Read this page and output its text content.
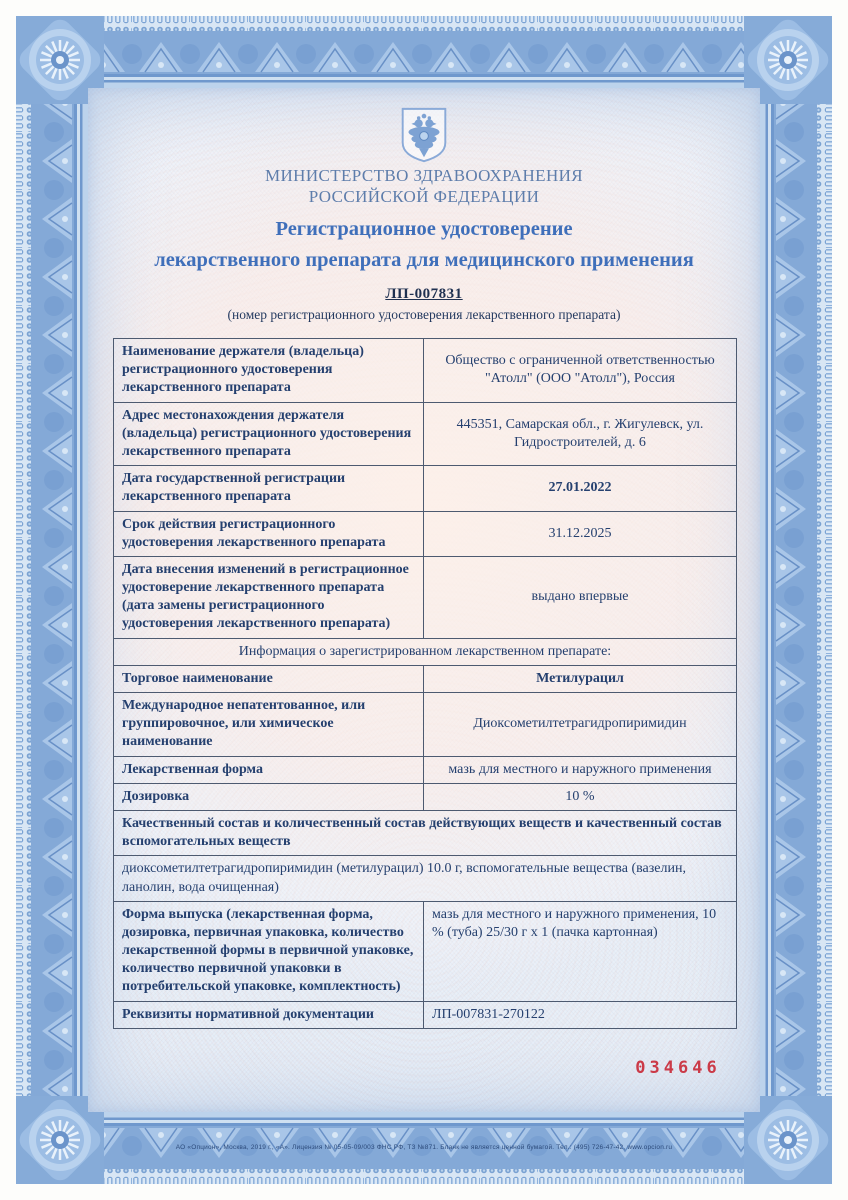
МИНИСТЕРСТВО ЗДРАВООХРАНЕНИЯ
РОССИЙСКОЙ ФЕДЕРАЦИИ
Регистрационное удостоверение
лекарственного препарата для медицинского применения
ЛП-007831
(номер регистрационного удостоверения лекарственного препарата)
Наименование держателя (владельца) регистрационного удостоверения лекарственного препарата	Общество с ограниченной ответственностью "Атолл" (ООО "Атолл"), Россия
Адрес местонахождения держателя (владельца) регистрационного удостоверения лекарственного препарата	445351, Самарская обл., г. Жигулевск, ул. Гидростроителей, д. 6
Дата государственной регистрации лекарственного препарата	27.01.2022
Срок действия регистрационного удостоверения лекарственного препарата	31.12.2025
Дата внесения изменений в регистрационное удостоверение лекарственного препарата (дата замены регистрационного удостоверения лекарственного препарата)	выдано впервые
Информация о зарегистрированном лекарственном препарате:	
Торговое наименование	Метилурацил
Международное непатентованное, или группировочное, или химическое наименование	Диоксометилтетрагидропиримидин
Лекарственная форма	мазь для местного и наружного применения
Дозировка	10 %
Качественный состав и количественный состав действующих веществ и качественный состав вспомогательных веществ	
диоксометилтетрагидропиримидин (метилурацил) 10.0 г, вспомогательные вещества (вазелин, ланолин, вода очищенная)	
Форма выпуска (лекарственная форма, дозировка, первичная упаковка, количество лекарственной формы в первичной упаковке, количество первичной упаковки в потребительской упаковке, комплектность)	мазь для местного и наружного применения, 10 % (туба) 25/30 г х 1 (пачка картонная)
Реквизиты нормативной документации	ЛП-007831-270122
034646
АО «Опцион», Москва, 2019 г., «А». Лицензия № 05-05-09/003 ФНС РФ, ТЗ №871. Бланк не является ценной бумагой. Тел.: (495) 726-47-42, www.opcion.ru
